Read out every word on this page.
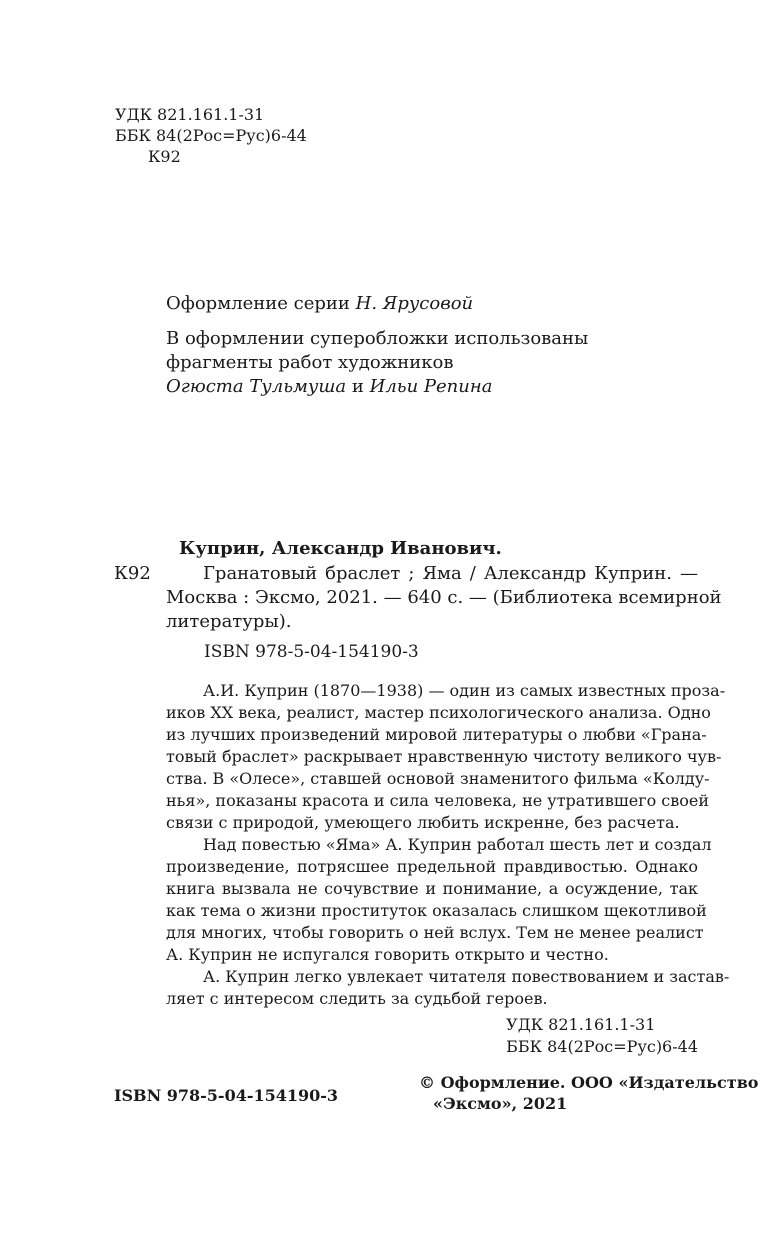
УДК 821.161.1-31
ББК 84(2Рос=Рус)6-44
К92
Оформление серии Н. Ярусовой
В оформлении суперобложки использованы
фрагменты работ художников
Огюста Тульмуша и Ильи Репина
Куприн, Александр Иванович.
К92	Гранатовый браслет ; Яма / Александр Куприн. —
Москва : Эксмо, 2021. — 640 с. — (Библиотека всемирной
литературы).
ISBN 978-5-04-154190-3
А.И. Куприн (1870—1938) — один из самых известных проза-
иков XX века, реалист, мастер психологического анализа. Одно
из лучших произведений мировой литературы о любви «Грана-
товый браслет» раскрывает нравственную чистоту великого чув-
ства. В «Олесе», ставшей основой знаменитого фильма «Колду-
нья», показаны красота и сила человека, не утратившего своей
связи с природой, умеющего любить искренне, без расчета.
Над повестью «Яма» А. Куприн работал шесть лет и создал
произведение, потрясшее предельной правдивостью. Однако
книга вызвала не сочувствие и понимание, а осуждение, так
как тема о жизни проституток оказалась слишком щекотливой
для многих, чтобы говорить о ней вслух. Тем не менее реалист
А. Куприн не испугался говорить открыто и честно.
А. Куприн легко увлекает читателя повествованием и застав-
ляет с интересом следить за судьбой героев.
УДК 821.161.1-31
ББК 84(2Рос=Рус)6-44
ISBN 978-5-04-154190-3
© Оформление. ООО «Издательство
«Эксмо», 2021
